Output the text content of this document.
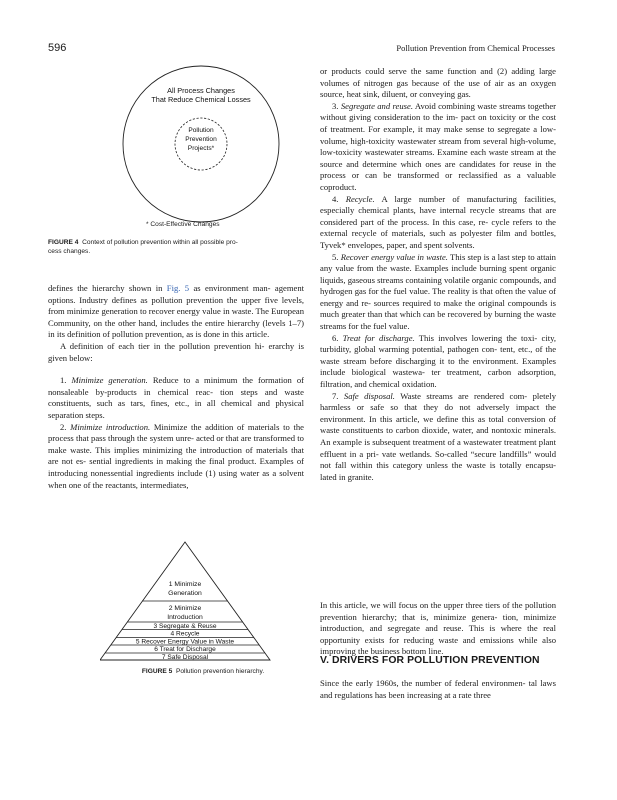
596	Pollution Prevention from Chemical Processes
All Process Changes
That Reduce Chemical Losses
Pollution
Prevention
Projects*
* Cost-Effective Changes
FIGURE 4 Context of pollution prevention within all possible pro-
cess changes.

defines the hierarchy shown in Fig. 5 as environment man- agement options. Industry defines as pollution prevention the upper five levels, from minimize generation to recover energy value in waste. The European Community, on the other hand, includes the entire hierarchy (levels 1–7) in its definition of pollution prevention, as is done in this article.

A definition of each tier in the pollution prevention hi- erarchy is given below:

1. Minimize generation. Reduce to a minimum the formation of nonsaleable by-products in chemical reac- tion steps and waste constituents, such as tars, fines, etc., in all chemical and physical separation steps.

2. Minimize introduction. Minimize the addition of materials to the process that pass through the system unre- acted or that are transformed to make waste. This implies minimizing the introduction of materials that are not es- sential ingredients in making the final product. Examples of introducing nonessential ingredients include (1) using water as a solvent when one of the reactants, intermediates,

1 Minimize
Generation
2 Minimize
Introduction
3 Segregate & Reuse
4 Recycle
5 Recover Energy Value in Waste
6 Treat for Discharge
7 Safe Disposal
FIGURE 5 Pollution prevention hierarchy.

or products could serve the same function and (2) adding large volumes of nitrogen gas because of the use of air as an oxygen source, heat sink, diluent, or conveying gas.

3. Segregate and reuse. Avoid combining waste streams together without giving consideration to the im- pact on toxicity or the cost of treatment. For example, it may make sense to segregate a low-volume, high-toxicity wastewater stream from several high-volume, low-toxicity wastewater streams. Examine each waste stream at the source and determine which ones are candidates for reuse in the process or can be transformed or reclassified as a valuable coproduct.

4. Recycle. A large number of manufacturing facilities, especially chemical plants, have internal recycle streams that are considered part of the process. In this case, re- cycle refers to the external recycle of materials, such as polyester film and bottles, Tyvek* envelopes, paper, and spent solvents.

5. Recover energy value in waste. This step is a last step to attain any value from the waste. Examples include burning spent organic liquids, gaseous streams containing volatile organic compounds, and hydrogen gas for the fuel value. The reality is that often the value of energy and re- sources required to make the original compounds is much greater than that which can be recovered by burning the waste streams for the fuel value.

6. Treat for discharge. This involves lowering the toxi- city, turbidity, global warming potential, pathogen con- tent, etc., of the waste stream before discharging it to the environment. Examples include biological wastewa- ter treatment, carbon adsorption, filtration, and chemical oxidation.

7. Safe disposal. Waste streams are rendered com- pletely harmless or safe so that they do not adversely impact the environment. In this article, we define this as total conversion of waste constituents to carbon dioxide, water, and nontoxic minerals. An example is subsequent treatment of a wastewater treatment plant effluent in a pri- vate wetlands. So-called “secure landfills” would not fall within this category unless the waste is totally encapsu- lated in granite.

In this article, we will focus on the upper three tiers of the pollution prevention hierarchy; that is, minimize genera- tion, minimize introduction, and segregate and reuse. This is where the real opportunity exists for reducing waste and emissions while also improving the business bottom line.

V. DRIVERS FOR POLLUTION PREVENTION

Since the early 1960s, the number of federal environmen- tal laws and regulations has been increasing at a rate three
